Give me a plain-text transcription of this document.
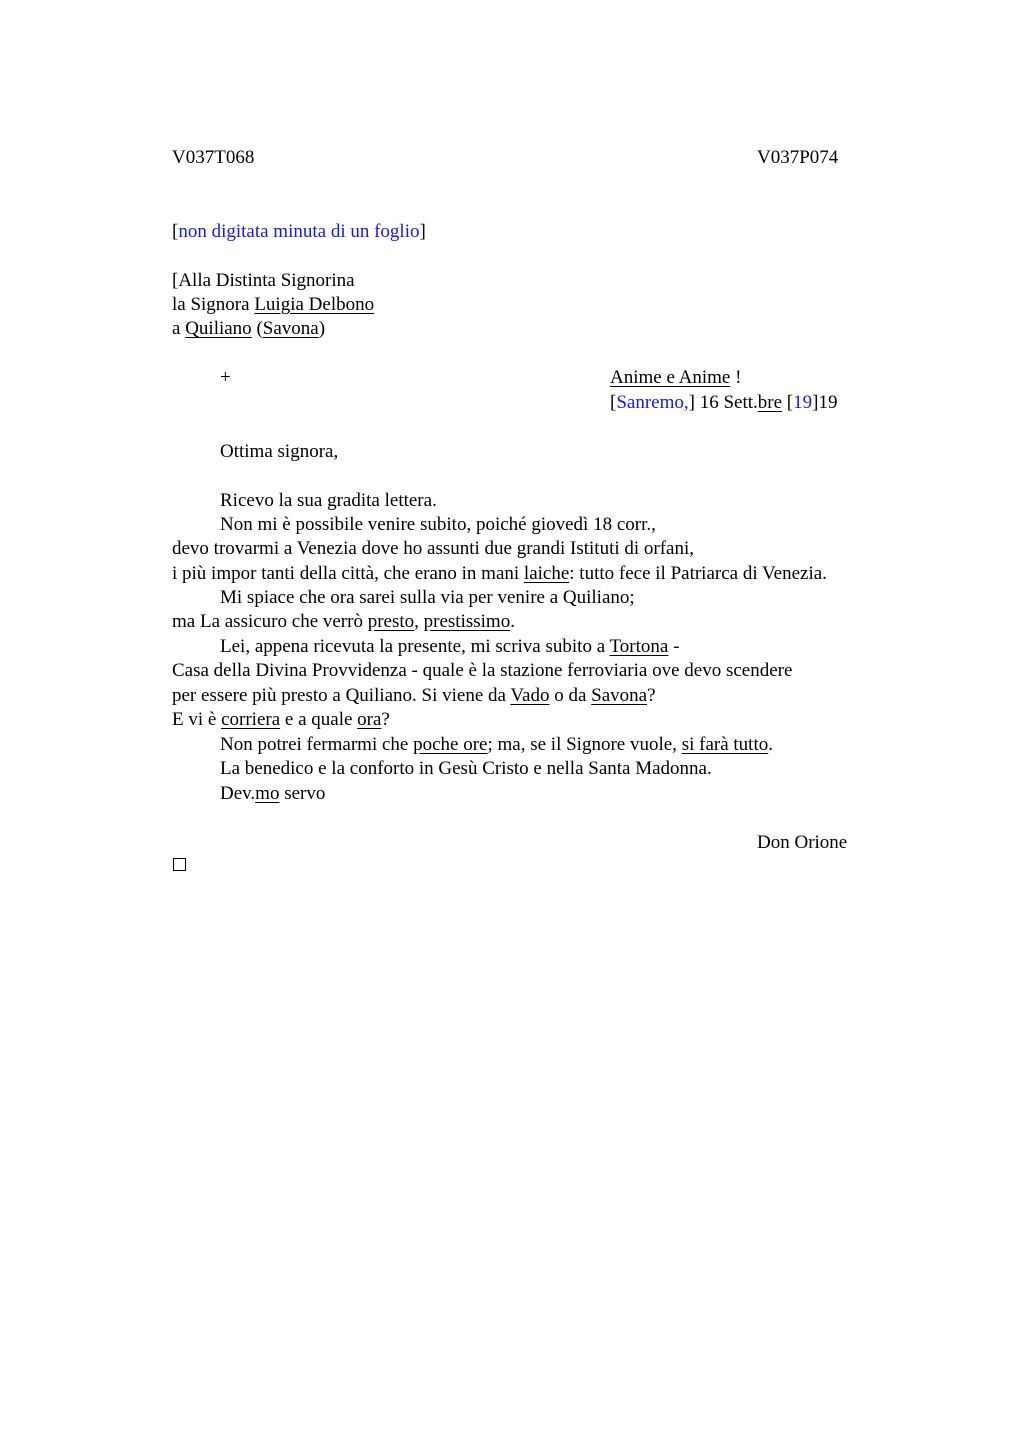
V037T068	V037P074
[non digitata minuta di un foglio]
[Alla Distinta Signorina
la Signora Luigia Delbono
a Quiliano (Savona)
+	Anime e Anime !
[Sanremo,] 16 Sett.bre [19]19
Ottima signora,
Ricevo la sua gradita lettera.
Non mi è possibile venire subito, poiché giovedì 18 corr.,
devo trovarmi a Venezia dove ho assunti due grandi Istituti di orfani,
i più impor tanti della città, che erano in mani laiche: tutto fece il Patriarca di Venezia.
Mi spiace che ora sarei sulla via per venire a Quiliano;
ma La assicuro che verrò presto, prestissimo.
Lei, appena ricevuta la presente, mi scriva subito a Tortona -
Casa della Divina Provvidenza - quale è la stazione ferroviaria ove devo scendere
per essere più presto a Quiliano. Si viene da Vado o da Savona?
E vi è corriera e a quale ora?
Non potrei fermarmi che poche ore; ma, se il Signore vuole, si farà tutto.
La benedico e la conforto in Gesù Cristo e nella Santa Madonna.
Dev.mo servo
Don Orione
